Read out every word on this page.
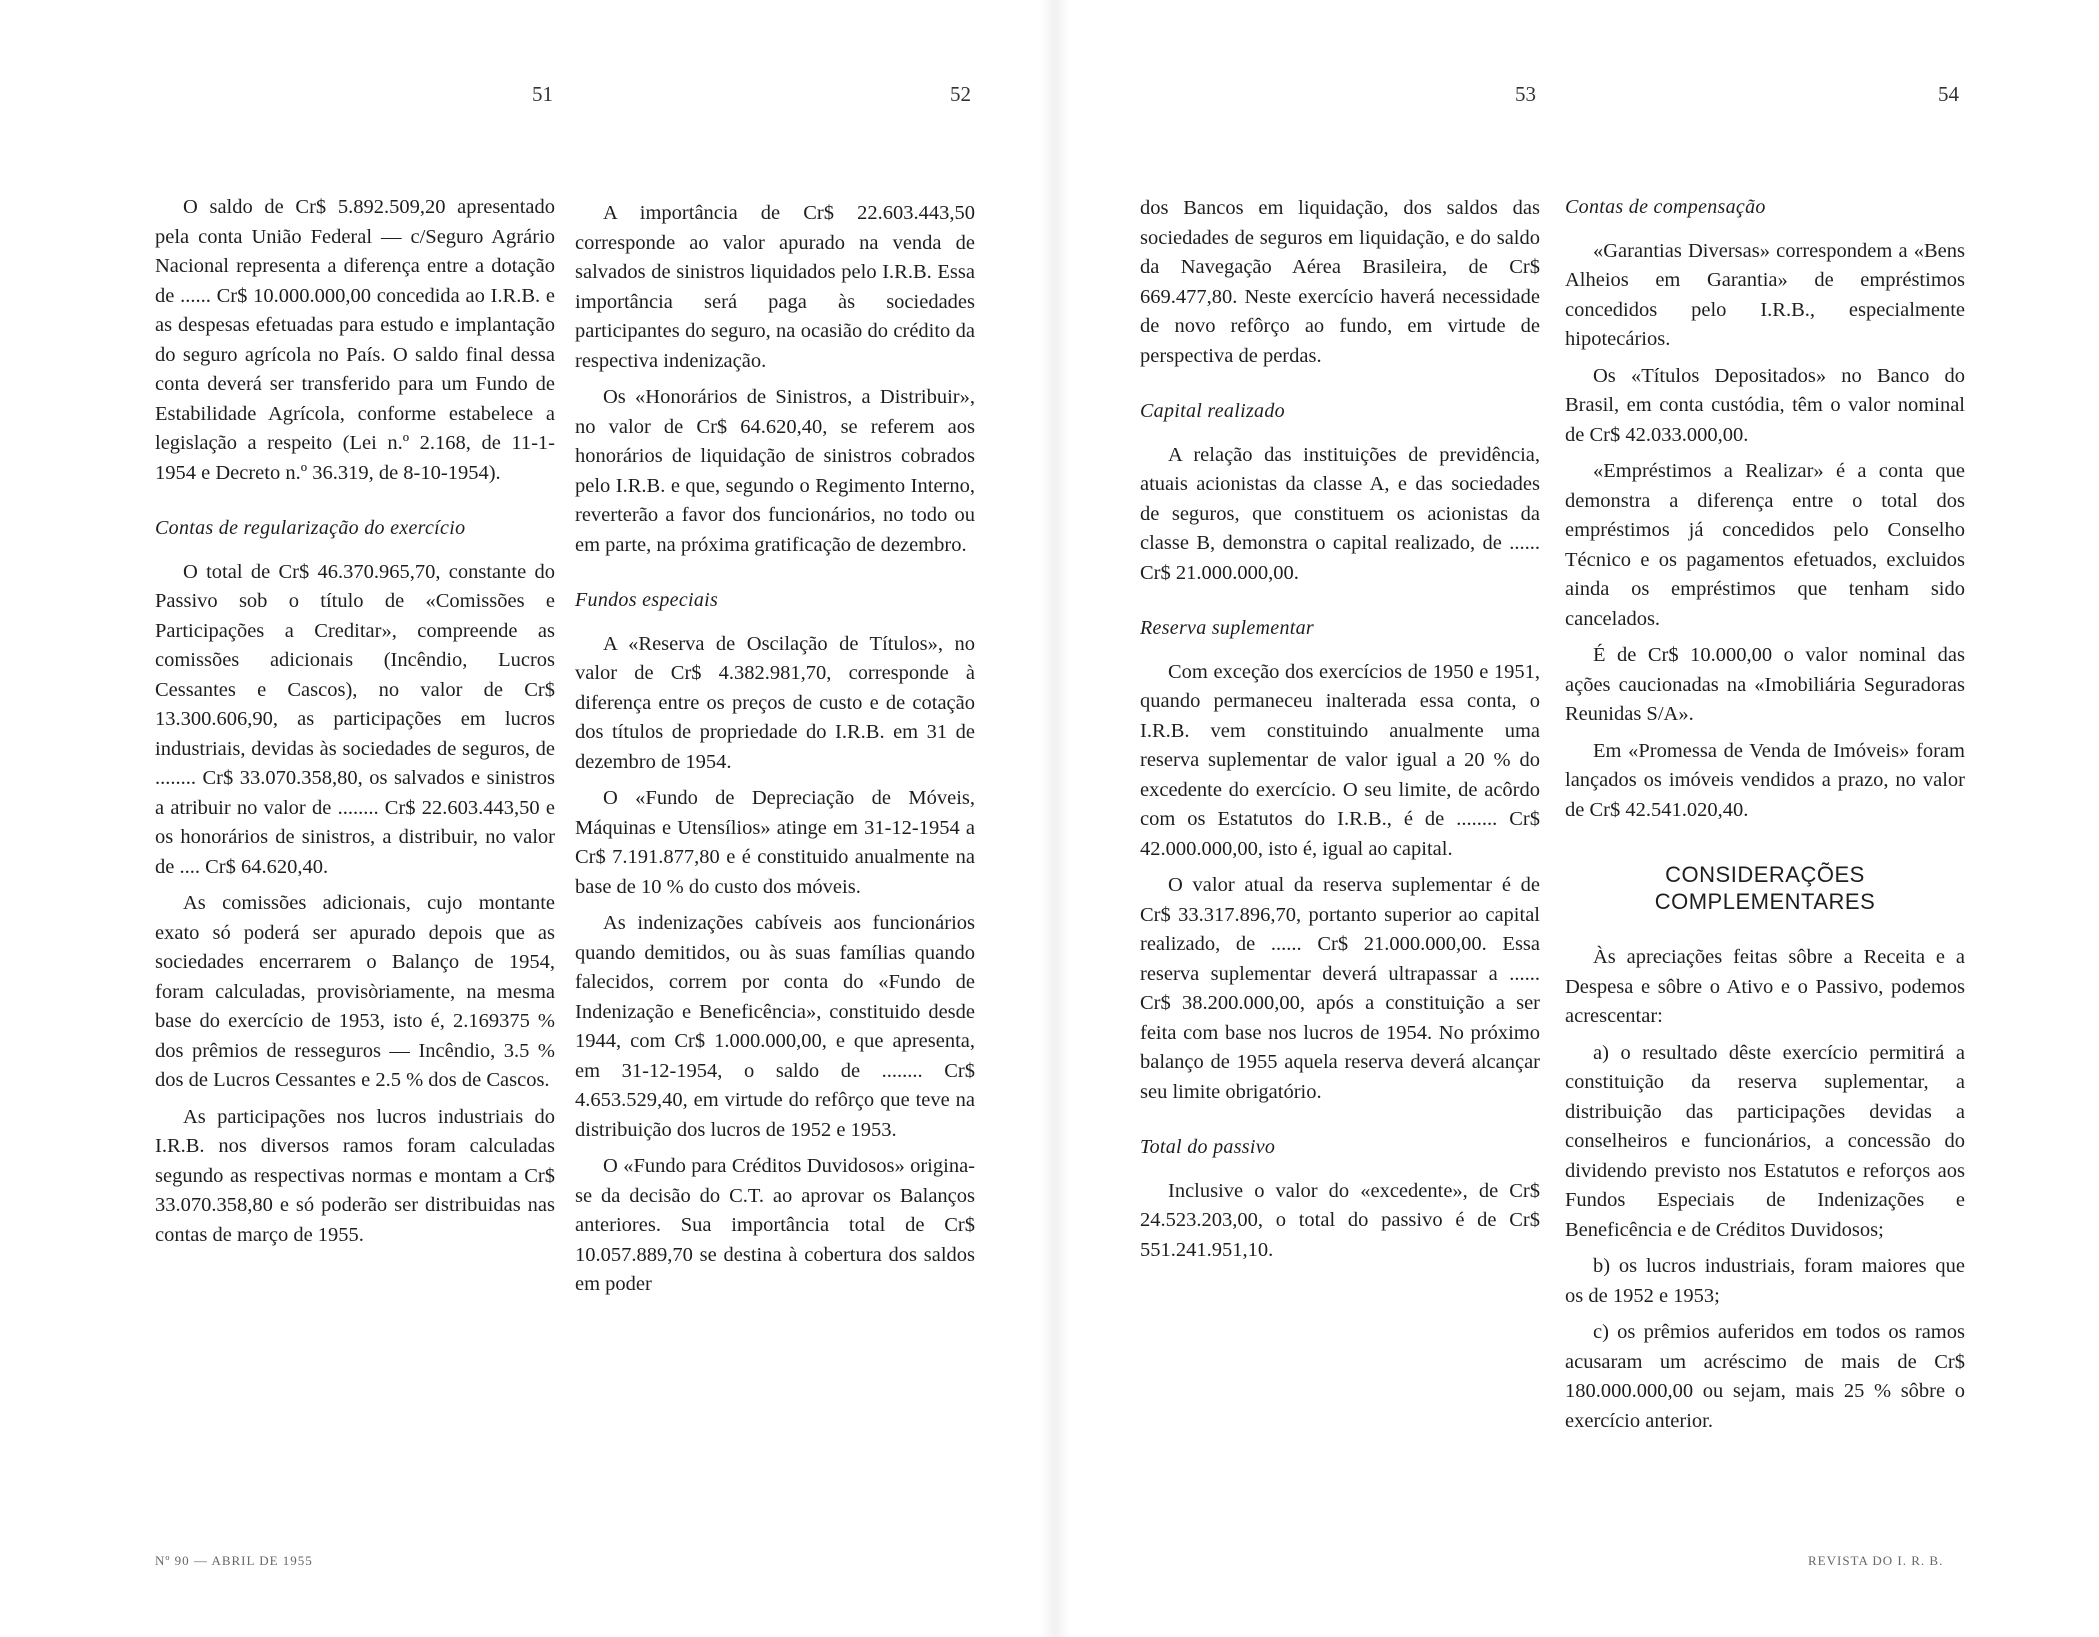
51	52	53	54

O saldo de Cr$ 5.892.509,20 apresentado pela conta União Federal — c/Seguro Agrário Nacional representa a diferença entre a dotação de ...... Cr$ 10.000.000,00 concedida ao I.R.B. e as despesas efetuadas para estudo e implantação do seguro agrícola no País. O saldo final dessa conta deverá ser transferido para um Fundo de Estabilidade Agrícola, conforme estabelece a legislação a respeito (Lei n.º 2.168, de 11-1-1954 e Decreto n.º 36.319, de 8-10-1954).

Contas de regularização do exercício

O total de Cr$ 46.370.965,70, constante do Passivo sob o título de «Comissões e Participações a Creditar», compreende as comissões adicionais (Incêndio, Lucros Cessantes e Cascos), no valor de Cr$ 13.300.606,90, as participações em lucros industriais, devidas às sociedades de seguros, de ........ Cr$ 33.070.358,80, os salvados e sinistros a atribuir no valor de ........ Cr$ 22.603.443,50 e os honorários de sinistros, a distribuir, no valor de .... Cr$ 64.620,40.

As comissões adicionais, cujo montante exato só poderá ser apurado depois que as sociedades encerrarem o Balanço de 1954, foram calculadas, provisòriamente, na mesma base do exercício de 1953, isto é, 2.169375 % dos prêmios de resseguros — Incêndio, 3.5 % dos de Lucros Cessantes e 2.5 % dos de Cascos.

As participações nos lucros industriais do I.R.B. nos diversos ramos foram calculadas segundo as respectivas normas e montam a Cr$ 33.070.358,80 e só poderão ser distribuidas nas contas de março de 1955.

A importância de Cr$ 22.603.443,50 corresponde ao valor apurado na venda de salvados de sinistros liquidados pelo I.R.B. Essa importância será paga às sociedades participantes do seguro, na ocasião do crédito da respectiva indenização.

Os «Honorários de Sinistros, a Distribuir», no valor de Cr$ 64.620,40, se referem aos honorários de liquidação de sinistros cobrados pelo I.R.B. e que, segundo o Regimento Interno, reverterão a favor dos funcionários, no todo ou em parte, na próxima gratificação de dezembro.

Fundos especiais

A «Reserva de Oscilação de Títulos», no valor de Cr$ 4.382.981,70, corresponde à diferença entre os preços de custo e de cotação dos títulos de propriedade do I.R.B. em 31 de dezembro de 1954.

O «Fundo de Depreciação de Móveis, Máquinas e Utensílios» atinge em 31-12-1954 a Cr$ 7.191.877,80 e é constituido anualmente na base de 10 % do custo dos móveis.

As indenizações cabíveis aos funcionários quando demitidos, ou às suas famílias quando falecidos, correm por conta do «Fundo de Indenização e Beneficência», constituido desde 1944, com Cr$ 1.000.000,00, e que apresenta, em 31-12-1954, o saldo de ........ Cr$ 4.653.529,40, em virtude do refôrço que teve na distribuição dos lucros de 1952 e 1953.

O «Fundo para Créditos Duvidosos» origina-se da decisão do C.T. ao aprovar os Balanços anteriores. Sua importância total de Cr$ 10.057.889,70 se destina à cobertura dos saldos em poder

dos Bancos em liquidação, dos saldos das sociedades de seguros em liquidação, e do saldo da Navegação Aérea Brasileira, de Cr$ 669.477,80. Neste exercício haverá necessidade de novo refôrço ao fundo, em virtude de perspectiva de perdas.

Capital realizado

A relação das instituições de previdência, atuais acionistas da classe A, e das sociedades de seguros, que constituem os acionistas da classe B, demonstra o capital realizado, de ...... Cr$ 21.000.000,00.

Reserva suplementar

Com exceção dos exercícios de 1950 e 1951, quando permaneceu inalterada essa conta, o I.R.B. vem constituindo anualmente uma reserva suplementar de valor igual a 20 % do excedente do exercício. O seu limite, de acôrdo com os Estatutos do I.R.B., é de ........ Cr$ 42.000.000,00, isto é, igual ao capital.

O valor atual da reserva suplementar é de Cr$ 33.317.896,70, portanto superior ao capital realizado, de ...... Cr$ 21.000.000,00. Essa reserva suplementar deverá ultrapassar a ...... Cr$ 38.200.000,00, após a constituição a ser feita com base nos lucros de 1954. No próximo balanço de 1955 aquela reserva deverá alcançar seu limite obrigatório.

Total do passivo

Inclusive o valor do «excedente», de Cr$ 24.523.203,00, o total do passivo é de Cr$ 551.241.951,10.

Contas de compensação

«Garantias Diversas» correspondem a «Bens Alheios em Garantia» de empréstimos concedidos pelo I.R.B., especialmente hipotecários.

Os «Títulos Depositados» no Banco do Brasil, em conta custódia, têm o valor nominal de Cr$ 42.033.000,00.

«Empréstimos a Realizar» é a conta que demonstra a diferença entre o total dos empréstimos já concedidos pelo Conselho Técnico e os pagamentos efetuados, excluidos ainda os empréstimos que tenham sido cancelados.

É de Cr$ 10.000,00 o valor nominal das ações caucionadas na «Imobiliária Seguradoras Reunidas S/A».

Em «Promessa de Venda de Imóveis» foram lançados os imóveis vendidos a prazo, no valor de Cr$ 42.541.020,40.

CONSIDERAÇÕES COMPLEMENTARES

Às apreciações feitas sôbre a Receita e a Despesa e sôbre o Ativo e o Passivo, podemos acrescentar:

a) o resultado dêste exercício permitirá a constituição da reserva suplementar, a distribuição das participações devidas a conselheiros e funcionários, a concessão do dividendo previsto nos Estatutos e reforços aos Fundos Especiais de Indenizações e Beneficência e de Créditos Duvidosos;

b) os lucros industriais, foram maiores que os de 1952 e 1953;

c) os prêmios auferidos em todos os ramos acusaram um acréscimo de mais de Cr$ 180.000.000,00 ou sejam, mais 25 % sôbre o exercício anterior.

Nº 90 — ABRIL DE 1955	REVISTA DO I. R. B.
